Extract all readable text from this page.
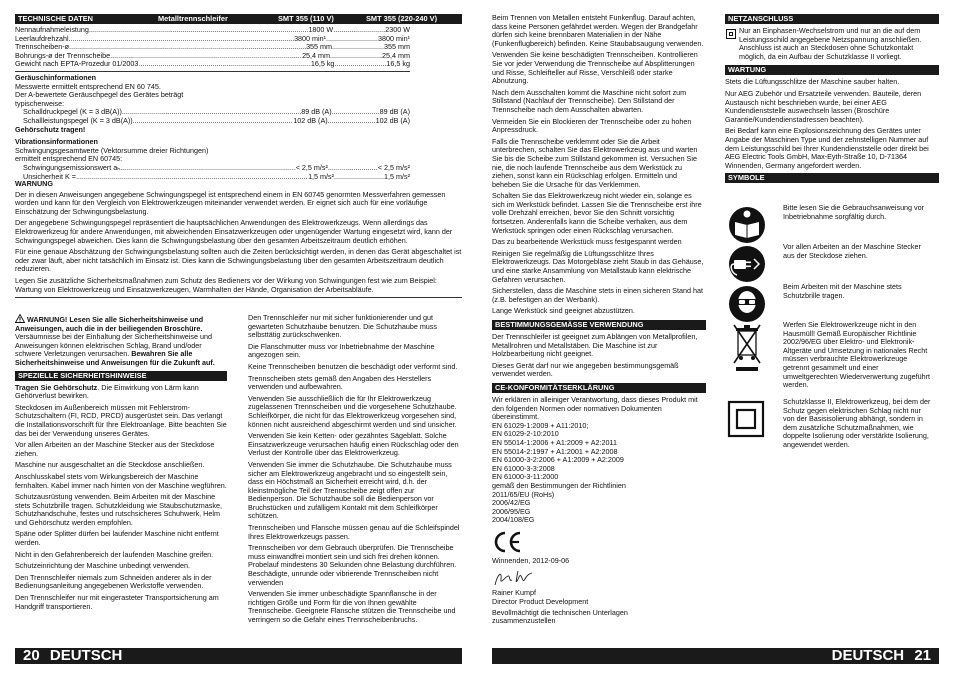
TECHNISCHE DATEN	Metalltrennschleifer	SMT 355 (110 V)	SMT 355 (220-240 V)
Nennaufnahmeleistung .....	1800 W .....	2300 W
Leerlaufdrehzahl .....	3800 min¹ .....	3800 min¹
Trennscheiben-ø .....	355 mm .....	355 mm
Bohrungs-ø der Trennscheibe .....	25,4 mm .....	25,4 mm
Gewicht nach EPTA-Prozedur 01/2003 .....	16,5 kg .....	16,5 kg
Geräuschinformationen
Messwerte ermittelt entsprechend EN 60 745.
Der A-bewertete Geräuschpegel des Gerätes beträgt
typischerweise:
Schalldruckpegel (K = 3 dB(A)) .....	89 dB (A) .....	89 dB (A)
Schallleistungspegel (K = 3 dB(A)) .....	102 dB (A) .....	102 dB (A)
Gehörschutz tragen!
Vibrationsinformationen
Schwingungsgesamtwerte (Vektorsumme dreier Richtungen)
ermittelt entsprechend EN 60745:
Schwingungsemissionswert aₕ .....	< 2,5 m/s² .....	< 2,5 m/s²
Unsicherheit K = .....	1,5 m/s² .....	1,5 m/s²
WARNUNG

Der in diesen Anweisungen angegebene Schwingungspegel ist entsprechend einem in EN 60745 genormten Messverfahren gemessen worden und kann für den Vergleich von Elektrowerkzeugen miteinander verwendet werden. Er eignet sich auch für eine vorläufige Einschätzung der Schwingungsbelastung.

Der angegebene Schwingungspegel repräsentiert die hauptsächlichen Anwendungen des Elektrowerkzeugs. Wenn allerdings das Elektrowerkzeug für andere Anwendungen, mit abweichenden Einsatzwerkzeugen oder ungenügender Wartung eingesetzt wird, kann der Schwingungspegel abweichen. Dies kann die Schwingungsbelastung über den gesamten Arbeitszeitraum deutlich erhöhen.

Für eine genaue Abschätzung der Schwingungsbelastung sollten auch die Zeiten berücksichtigt werden, in denen das Gerät abgeschaltet ist oder zwar läuft, aber nicht tatsächlich im Einsatz ist. Dies kann die Schwingungsbelastung über den gesamten Arbeitszeitraum deutlich reduzieren.

Legen Sie zusätzliche Sicherheitsmaßnahmen zum Schutz des Bedieners vor der Wirkung von Schwingungen fest wie zum Beispiel: Wartung von Elektrowerkzeug und Einsatzwerkzeugen, Warmhalten der Hände, Organisation der Arbeitsabläufe.

WARNUNG! Lesen Sie alle Sicherheitshinweise und Anweisungen, auch die in der beiliegenden Broschüre. Versäumnisse bei der Einhaltung der Sicherheitshinweise und Anweisungen können elektrischen Schlag, Brand und/oder schwere Verletzungen verursachen. Bewahren Sie alle Sicherheitshinweise und Anweisungen für die Zukunft auf.

SPEZIELLE SICHERHEITSHINWEISE

Tragen Sie Gehörschutz. Die Einwirkung von Lärm kann Gehörverlust bewirken.

Steckdosen im Außenbereich müssen mit Fehlerstrom-Schutzschaltern (FI, RCD, PRCD) ausgerüstet sein. Das verlangt die Installationsvorschrift für Ihre Elektroanlage. Bitte beachten Sie das bei der Verwendung unseres Gerätes.

Vor allen Arbeiten an der Maschine Stecker aus der Steckdose ziehen.

Maschine nur ausgeschaltet an die Steckdose anschließen.

Anschlusskabel stets vom Wirkungsbereich der Maschine fernhalten. Kabel immer nach hinten von der Maschine wegführen.

Schutzausrüstung verwenden. Beim Arbeiten mit der Maschine stets Schutzbrille tragen. Schutzkleidung wie Staubschutzmaske, Schutzhandschuhe, festes und rutschsicheres Schuhwerk, Helm und Gehörschutz werden empfohlen.

Späne oder Splitter dürfen bei laufender Maschine nicht entfernt werden.

Nicht in den Gefahrenbereich der laufenden Maschine greifen.

Schutzeinrichtung der Maschine unbedingt verwenden.

Den Trennschleifer niemals zum Schneiden anderer als in der Bedienungsanleitung angegebenen Werkstoffe verwenden.

Den Trennschleifer nur mit eingerasteter Transportsicherung am Handgriff transportieren.

Den Trennschleifer nur mit sicher funktionierender und gut gewarteten Schutzhaube benutzen. Die Schutzhaube muss selbsttätig zurückschwenken.

Die Flanschmutter muss vor Inbetriebnahme der Maschine angezogen sein.

Keine Trennscheiben benutzen die beschädigt oder verformt sind.

Trennscheiben stets gemäß den Angaben des Herstellers verwenden und aufbewahren.

Verwenden Sie ausschließlich die für Ihr Elektrowerkzeug zugelassenen Trennscheiben und die vorgesehene Schutzhaube. Schleifkörper, die nicht für das Elektrowerkzeug vorgesehen sind, können nicht ausreichend abgeschirmt werden und sind unsicher.

Verwenden Sie kein Ketten- oder gezähntes Sägeblatt. Solche Einsatzwerkzeuge verursachen häufig einen Rückschlag oder den Verlust der Kontrolle über das Elektrowerkzeug.

Verwenden Sie immer die Schutzhaube. Die Schutzhaube muss sicher am Elektrowerkzeug angebracht und so eingestellt sein, dass ein Höchstmaß an Sicherheit erreicht wird, d.h. der kleinstmögliche Teil der Trennscheibe zeigt offen zur Bedienperson. Die Schutzhaube soll die Bedienperson vor Bruchstücken und zufälligem Kontakt mit dem Schleifkörper schützen.

Trennscheiben und Flansche müssen genau auf die Schleifspindel Ihres Elektrowerkzeugs passen.

Trennscheiben vor dem Gebrauch überprüfen. Die Trennscheibe muss einwandfrei montiert sein und sich frei drehen können. Probelauf mindestens 30 Sekunden ohne Belastung durchführen. Beschädigte, unrunde oder vibrierende Trennscheiben nicht verwenden

Verwenden Sie immer unbeschädigte Spannflansche in der richtigen Größe und Form für die von Ihnen gewählte Trennscheibe. Geeignete Flansche stützen die Trennscheibe und verringern so die Gefahr eines Trennscheibenbruchs.

Beim Trennen von Metallen entsteht Funkenflug. Darauf achten, dass keine Personen gefährdet werden. Wegen der Brandgefahr dürfen sich keine brennbaren Materialien in der Nähe (Funkenflugbereich) befinden. Keine Staubabsaugung verwenden.

Verwenden Sie keine beschädigten Trennscheiben. Kontrollieren Sie vor jeder Verwendung die Trennscheibe auf Absplitterungen und Risse, Schleifteller auf Risse, Verschleiß oder starke Abnutzung.

Nach dem Ausschalten kommt die Maschine nicht sofort zum Stillstand (Nachlauf der Trennscheibe). Den Stillstand der Trennscheibe nach dem Ausschalten abwarten.

Vermeiden Sie ein Blockieren der Trennscheibe oder zu hohen Anpressdruck.

Falls die Trennscheibe verklemmt oder Sie die Arbeit unterbrechen, schalten Sie das Elektrowerkzeug aus und warten Sie bis die Scheibe zum Stillstand gekommen ist. Versuchen Sie nie, die noch laufende Trennscheibe aus dem Werkstück zu ziehen, sonst kann ein Rückschlag erfolgen. Ermitteln und beheben Sie die Ursache für das Verklemmen.

Schalten Sie das Elektrowerkzeug nicht wieder ein, solange es sich im Werkstück befindet. Lassen Sie die Trennscheibe erst ihre volle Drehzahl erreichen, bevor Sie den Schnitt vorsichtig fortsetzen. Anderenfalls kann die Scheibe verhaken, aus dem Werkstück springen oder einen Rückschlag verursachen.

Das zu bearbeitende Werkstück muss festgespannt werden

Reinigen Sie regelmäßig die Lüftungsschlitze Ihres Elektrowerkzeugs. Das Motorgebläse zieht Staub in das Gehäuse, und eine starke Ansammlung von Metallstaub kann elektrische Gefahren verursachen.

Sicherstellen, dass die Maschine stets in einen sicheren Stand hat (z.B. befestigen an der Werbank).

Lange Werkstück sind geeignet abzustützen.

BESTIMMUNGSGEMÄSSE VERWENDUNG

Der Trennschleifer ist geeignet zum Ablängen von Metallprofilen, Metallrohren und Metallstäben. Die Maschine ist zur Holzbearbeitung nicht geeignet.

Dieses Gerät darf nur wie angegeben bestimmungsgemäß verwendet werden.

CE-KONFORMITÄTSERKLÄRUNG
Wir erklären in alleiniger Verantwortung, dass dieses Produkt mit den folgenden Normen oder normativen Dokumenten übereinstimmt.
EN 61029-1:2009 + A11:2010;
EN 61029-2-10:2010
EN 55014-1:2006 + A1:2009 + A2:2011
EN 55014-2:1997 + A1:2001 + A2:2008
EN 61000-3-2:2006 + A1:2009 + A2:2009
EN 61000-3-3:2008
EN 61000-3-11:2000
gemäß den Bestimmungen der Richtlinien
2011/65/EU (RoHs)
2006/42/EG
2006/95/EG
2004/108/EG
Winnenden, 2012-09-06
Rainer Kumpf
Director Product Development
Bevollmächtigt die technischen Unterlagen
zusammenzustellen
NETZANSCHLUSS
Nur an Einphasen-Wechselstrom und nur an die auf dem Leistungsschild angegebene Netzspannung anschließen. Anschluss ist auch an Steckdosen ohne Schutzkontakt möglich, da ein Aufbau der Schutzklasse II vorliegt.
WARTUNG

Stets die Lüftungsschlitze der Maschine sauber halten.

Nur AEG Zubehör und Ersatzteile verwenden. Bauteile, deren Austausch nicht beschrieben wurde, bei einer AEG Kundendienststelle auswechseln lassen (Broschüre Garantie/Kundendienstadressen beachten).

Bei Bedarf kann eine Explosionszeichnung des Gerätes unter Angabe der Maschinen Type und der zehnstelligen Nummer auf dem Leistungsschild bei Ihrer Kundendienststelle oder direkt bei AEG Electric Tools GmbH, Max-Eyth-Straße 10, D-71364 Winnenden, Germany angefordert werden.

SYMBOLE
Bitte lesen Sie die Gebrauchsanweisung vor Inbetriebnahme sorgfältig durch.
Vor allen Arbeiten an der Maschine Stecker aus der Steckdose ziehen.
Beim Arbeiten mit der Maschine stets Schutzbrille tragen.
Werfen Sie Elektrowerkzeuge nicht in den Hausmüll! Gemäß Europäischer Richtlinie 2002/96/EG über Elektro- und Elektronik-Altgeräte und Umsetzung in nationales Recht müssen verbrauchte Elektrowerkzeuge getrennt gesammelt und einer umweltgerechten Wiederverwertung zugeführt werden.
Schutzklasse II, Elektrowerkzeug, bei dem der Schutz gegen elektrischen Schlag nicht nur von der Basisisolierung abhängt, sondern in dem zusätzliche Schutzmaßnahmen, wie doppelte Isolierung oder verstärkte Isolierung, angewendet werden.
20 DEUTSCH	DEUTSCH 21
